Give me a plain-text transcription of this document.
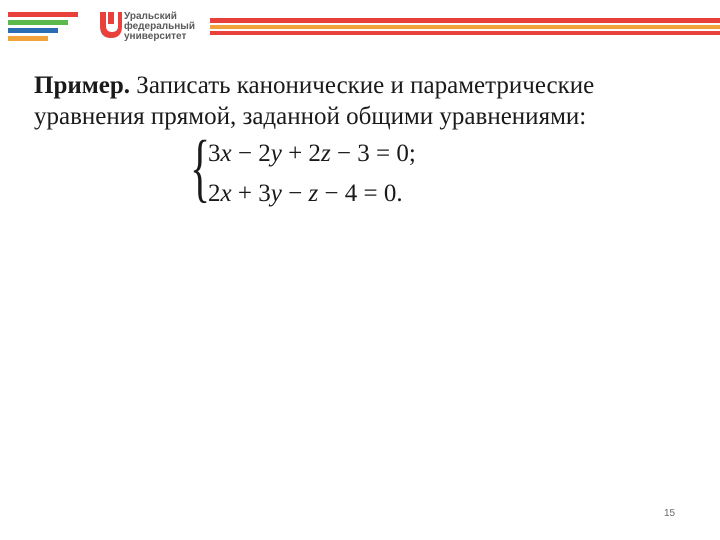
Уральский
федеральный
университет
Пример. Записать канонические и параметрические уравнения прямой, заданной общими уравнениями:
{
3x − 2y + 2z − 3 = 0;
2x + 3y − z − 4 = 0.
15
